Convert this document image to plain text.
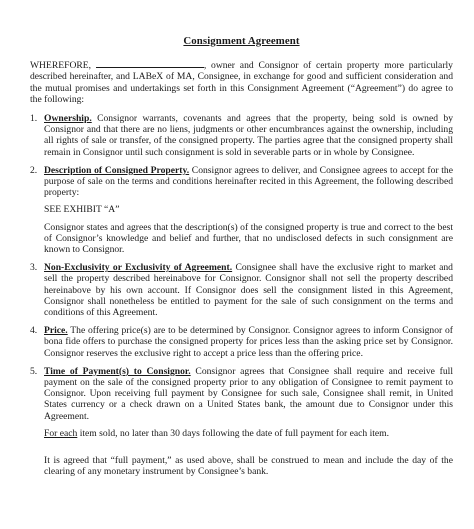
Consignment Agreement

WHEREFORE,	, owner and Consignor of certain property more particularly described hereinafter, and LABeX of MA, Consignee, in exchange for good and sufficient consideration and the mutual promises and undertakings set forth in this Consignment Agreement (“Agreement”) do agree to the following:

1. Ownership. Consignor warrants, covenants and agrees that the property, being sold is owned by Consignor and that there are no liens, judgments or other encumbrances against the ownership, including all rights of sale or transfer, of the consigned property. The parties agree that the consigned property shall remain in Consignor until such consignment is sold in severable parts or in whole by Consignee.

2. Description of Consigned Property. Consignor agrees to deliver, and Consignee agrees to accept for the purpose of sale on the terms and conditions hereinafter recited in this Agreement, the following described property:

SEE EXHIBIT “A”

Consignor states and agrees that the description(s) of the consigned property is true and correct to the best of Consignor’s knowledge and belief and further, that no undisclosed defects in such consignment are known to Consignor.

3. Non-Exclusivity or Exclusivity of Agreement. Consignee shall have the exclusive right to market and sell the property described hereinabove for Consignor. Consignor shall not sell the property described hereinabove by his own account. If Consignor does sell the consignment listed in this Agreement, Consignor shall nonetheless be entitled to payment for the sale of such consignment on the terms and conditions of this Agreement.

4. Price. The offering price(s) are to be determined by Consignor. Consignor agrees to inform Consignor of bona fide offers to purchase the consigned property for prices less than the asking price set by Consignor. Consignor reserves the exclusive right to accept a price less than the offering price.

5. Time of Payment(s) to Consignor. Consignor agrees that Consignee shall require and receive full payment on the sale of the consigned property prior to any obligation of Consignee to remit payment to Consignor. Upon receiving full payment by Consignee for such sale, Consignee shall remit, in United States currency or a check drawn on a United States bank, the amount due to Consignor under this Agreement.

For each item sold, no later than 30 days following the date of full payment for each item.

It is agreed that “full payment,” as used above, shall be construed to mean and include the day of the clearing of any monetary instrument by Consignee’s bank.
